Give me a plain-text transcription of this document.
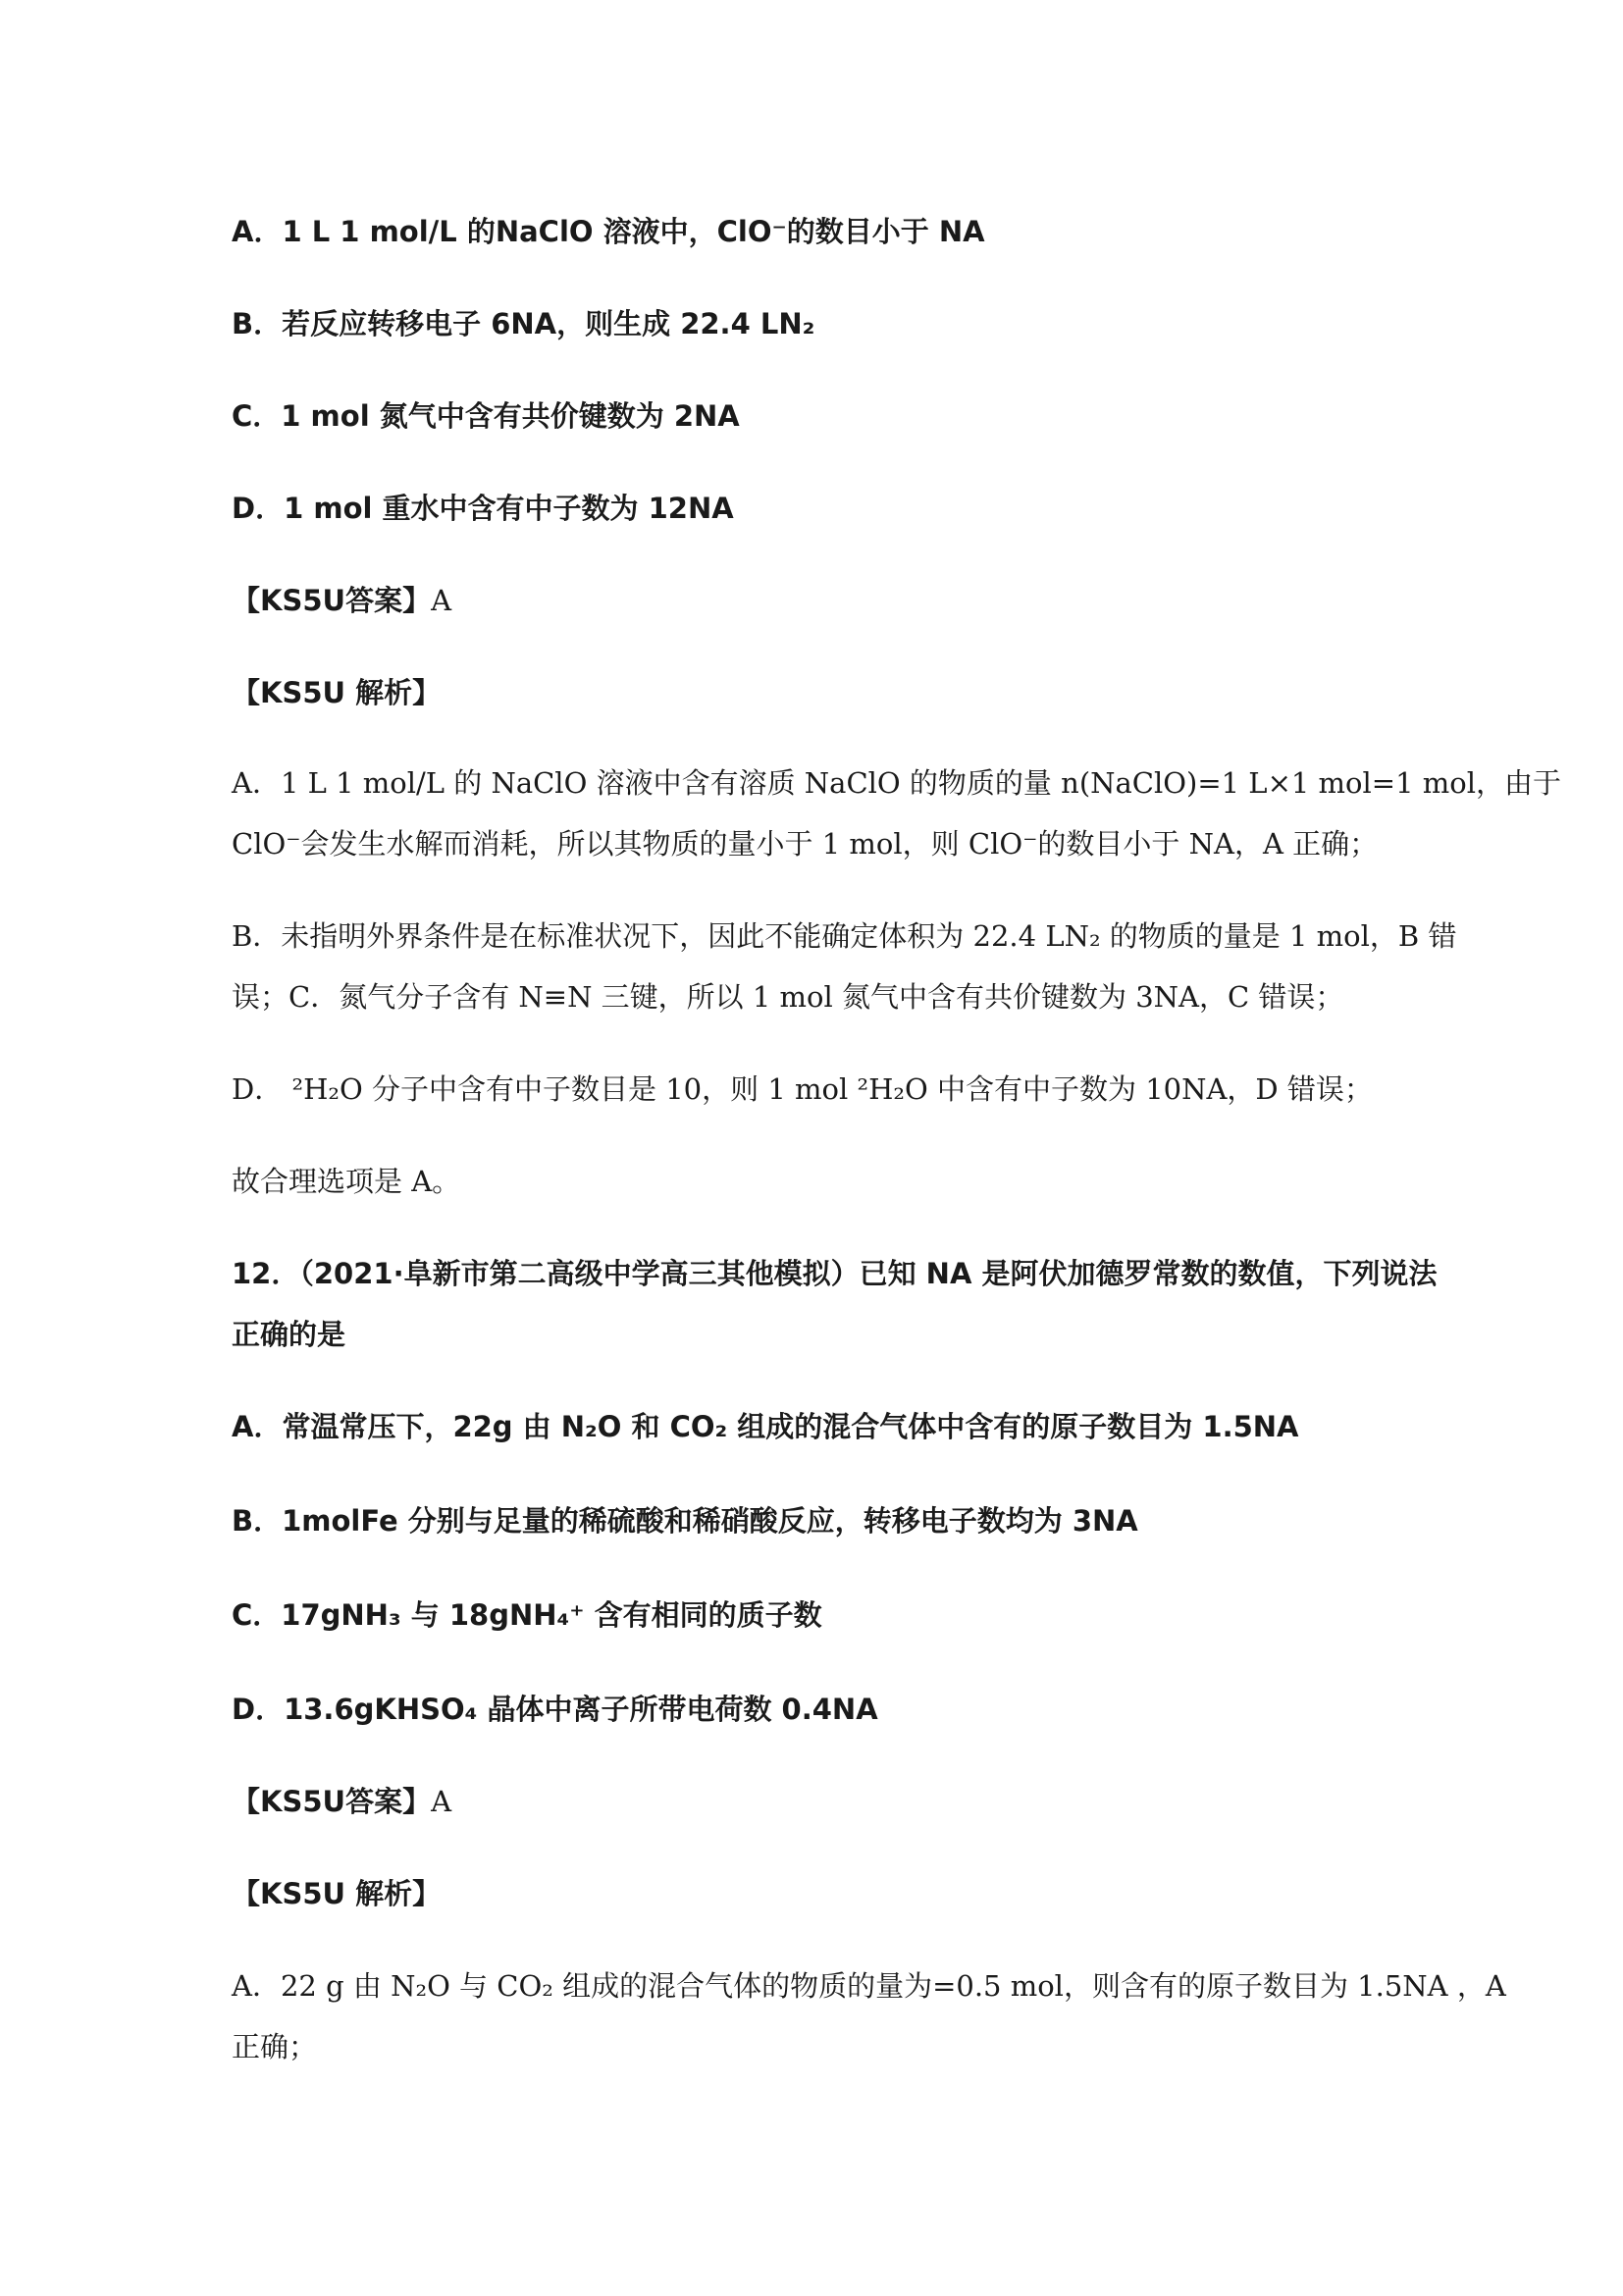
A．1 L 1 mol/L 的NaClO 溶液中，ClO⁻的数目小于 NA
B．若反应转移电子 6NA，则生成 22.4 LN₂
C．1 mol 氮气中含有共价键数为 2NA
D．1 mol 重水中含有中子数为 12NA
【KS5U答案】A
【KS5U 解析】
A．1 L 1 mol/L 的 NaClO 溶液中含有溶质 NaClO 的物质的量 n(NaClO)=1 L×1 mol=1 mol，由于
ClO⁻会发生水解而消耗，所以其物质的量小于 1 mol，则 ClO⁻的数目小于 NA，A 正确；
B．未指明外界条件是在标准状况下，因此不能确定体积为 22.4 LN₂ 的物质的量是 1 mol，B 错
误；C．氮气分子含有 N≡N 三键，所以 1 mol 氮气中含有共价键数为 3NA，C 错误；
D． ²H₂O 分子中含有中子数目是 10，则 1 mol ²H₂O 中含有中子数为 10NA，D 错误；
故合理选项是 A。
12．（2021·阜新市第二高级中学高三其他模拟）已知 NA 是阿伏加德罗常数的数值，下列说法
正确的是
A．常温常压下，22g 由 N₂O 和 CO₂ 组成的混合气体中含有的原子数目为 1.5NA
B．1molFe 分别与足量的稀硫酸和稀硝酸反应，转移电子数均为 3NA
C．17gNH₃ 与 18gNH₄⁺ 含有相同的质子数
D．13.6gKHSO₄ 晶体中离子所带电荷数 0.4NA
【KS5U答案】A
【KS5U 解析】
A．22 g 由 N₂O 与 CO₂ 组成的混合气体的物质的量为=0.5 mol，则含有的原子数目为 1.5NA ，A
正确；
